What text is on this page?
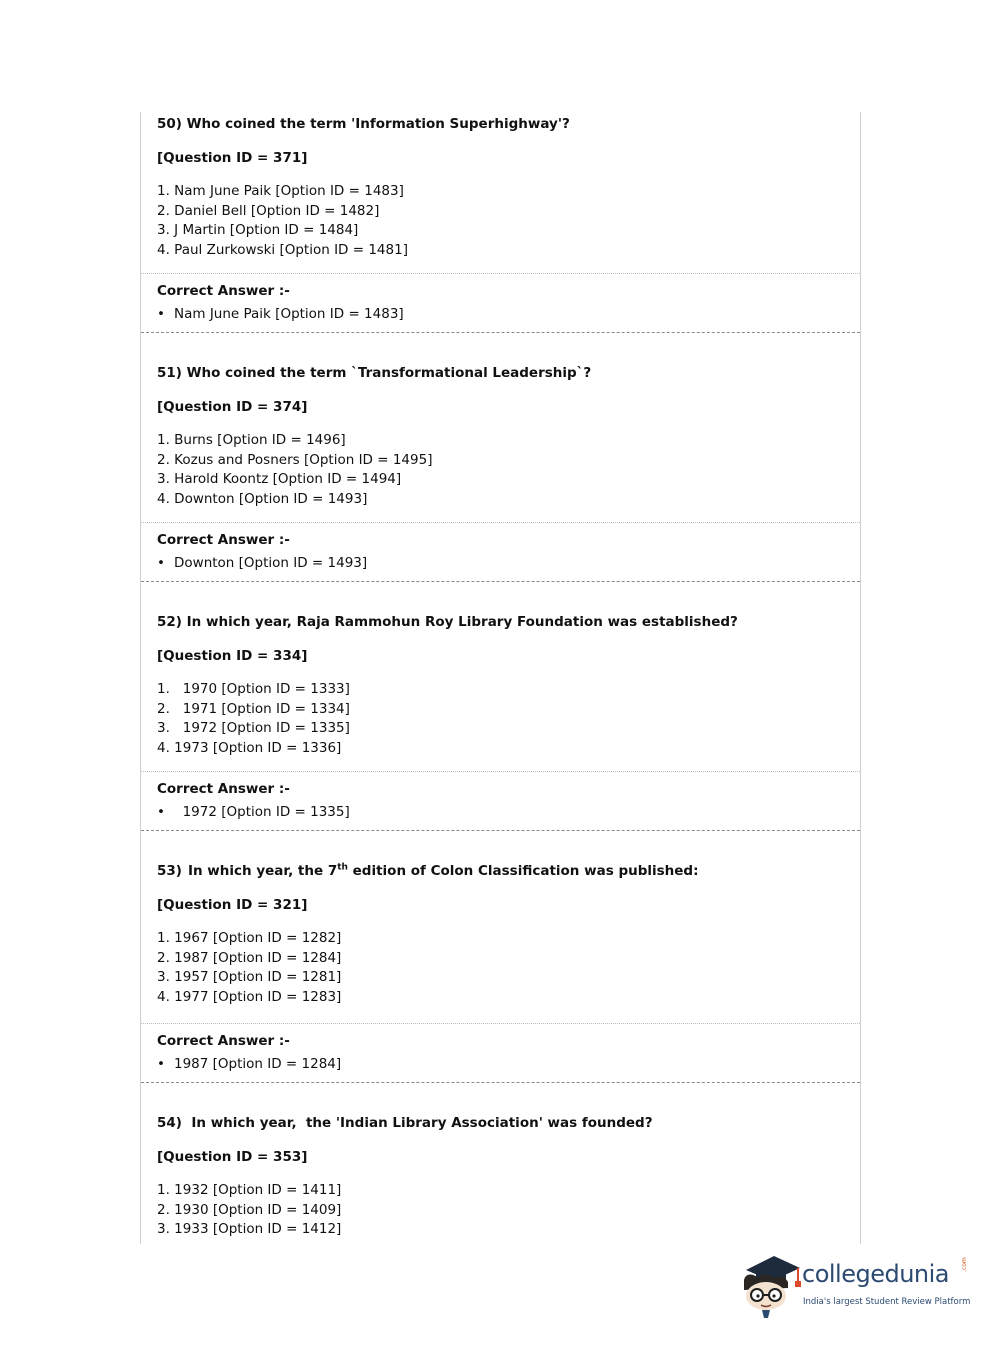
50) Who coined the term 'Information Superhighway'?
[Question ID = 371]
1. Nam June Paik [Option ID = 1483]
2. Daniel Bell [Option ID = 1482]
3. J Martin [Option ID = 1484]
4. Paul Zurkowski [Option ID = 1481]
Correct Answer :-
• Nam June Paik [Option ID = 1483]
51) Who coined the term `Transformational Leadership`?
[Question ID = 374]
1. Burns [Option ID = 1496]
2. Kozus and Posners [Option ID = 1495]
3. Harold Koontz [Option ID = 1494]
4. Downton [Option ID = 1493]
Correct Answer :-
• Downton [Option ID = 1493]
52) In which year, Raja Rammohun Roy Library Foundation was established?
[Question ID = 334]
1.   1970 [Option ID = 1333]
2.   1971 [Option ID = 1334]
3.   1972 [Option ID = 1335]
4. 1973 [Option ID = 1336]
Correct Answer :-
•  1972 [Option ID = 1335]
53) In which year, the 7th edition of Colon Classification was published:
[Question ID = 321]
1. 1967 [Option ID = 1282]
2. 1987 [Option ID = 1284]
3. 1957 [Option ID = 1281]
4. 1977 [Option ID = 1283]
Correct Answer :-
• 1987 [Option ID = 1284]
54)  In which year,  the 'Indian Library Association' was founded?
[Question ID = 353]
1. 1932 [Option ID = 1411]
2. 1930 [Option ID = 1409]
3. 1933 [Option ID = 1412]
collegedunia .com
India's largest Student Review Platform
